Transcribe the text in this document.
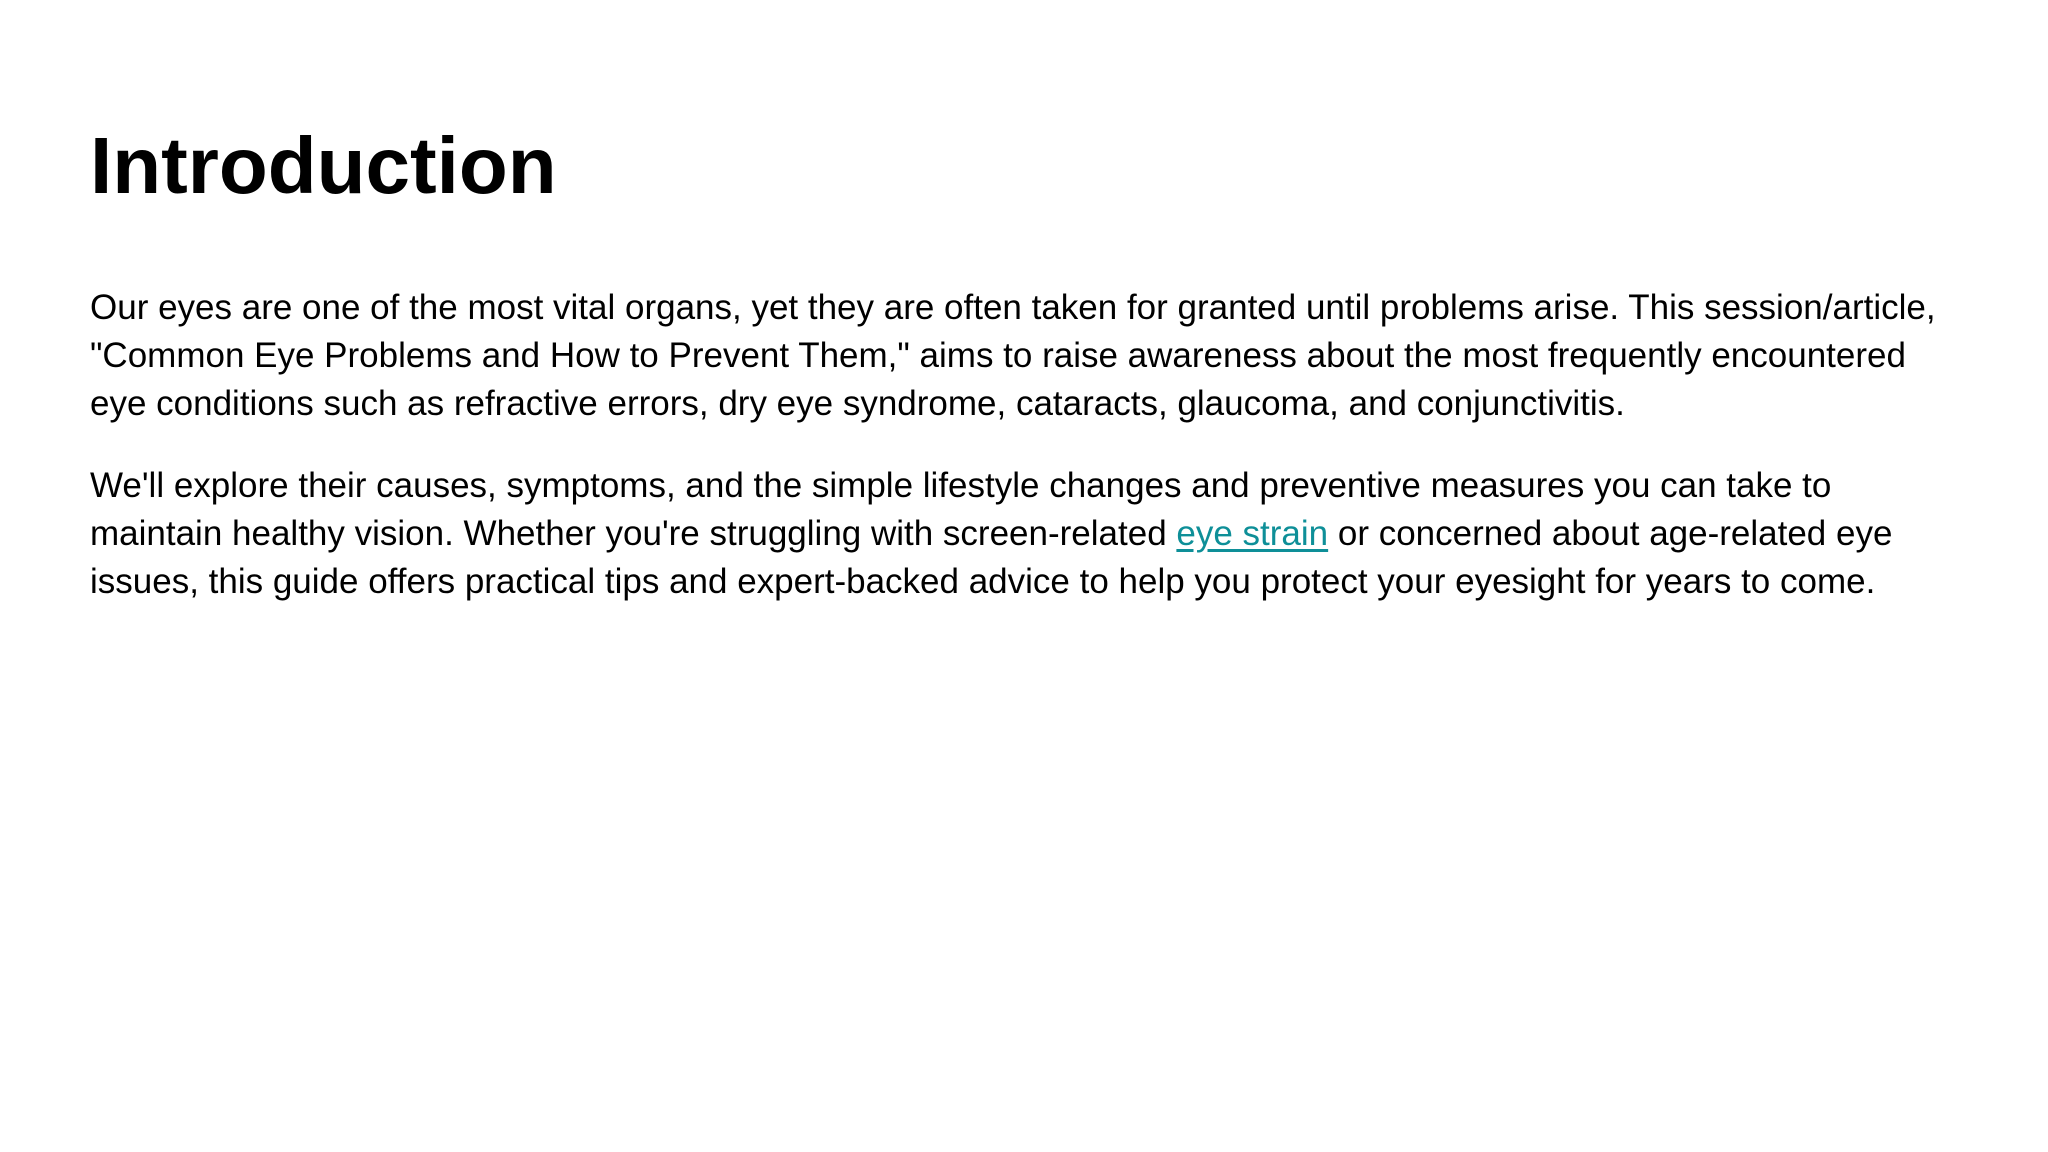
Introduction

Our eyes are one of the most vital organs, yet they are often taken for granted until problems arise. This session/article, "Common Eye Problems and How to Prevent Them," aims to raise awareness about the most frequently encountered eye conditions such as refractive errors, dry eye syndrome, cataracts, glaucoma, and conjunctivitis.

We'll explore their causes, symptoms, and the simple lifestyle changes and preventive measures you can take to maintain healthy vision. Whether you're struggling with screen-related eye strain or concerned about age-related eye issues, this guide offers practical tips and expert-backed advice to help you protect your eyesight for years to come.
